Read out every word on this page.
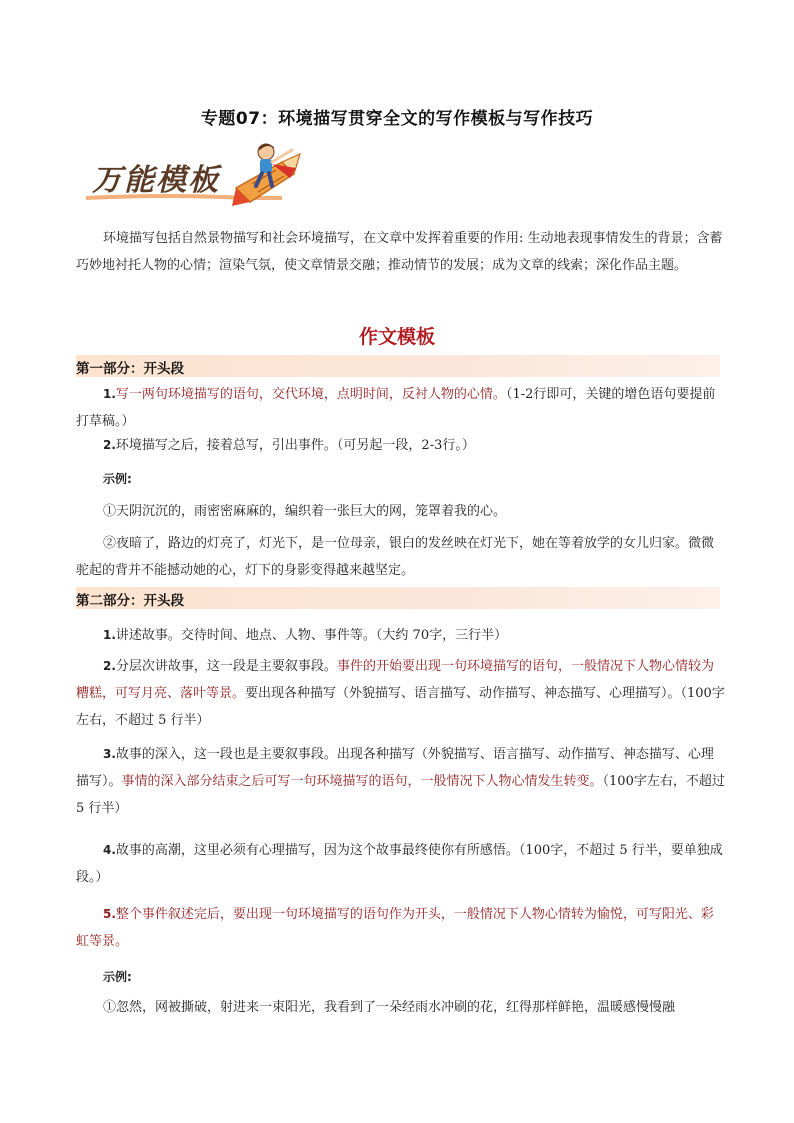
专题07：环境描写贯穿全文的写作模板与写作技巧
万能模板

环境描写包括自然景物描写和社会环境描写，在文章中发挥着重要的作用: 生动地表现事情发生的背景；含蓄巧妙地衬托人物的心情；渲染气氛，使文章情景交融；推动情节的发展；成为文章的线索；深化作品主题。

作文模板
第一部分：开头段

1.写一两句环境描写的语句，交代环境，点明时间，反衬人物的心情。（1-2行即可，关键的增色语句要提前打草稿。）

2.环境描写之后，接着总写，引出事件。（可另起一段，2-3行。）

示例:

①天阴沉沉的，雨密密麻麻的，编织着一张巨大的网，笼罩着我的心。

②夜暗了，路边的灯亮了，灯光下，是一位母亲，银白的发丝映在灯光下，她在等着放学的女儿归家。微微驼起的背并不能撼动她的心，灯下的身影变得越来越坚定。

第二部分：开头段

1.讲述故事。交待时间、地点、人物、事件等。（大约 70字，三行半）

2.分层次讲故事，这一段是主要叙事段。事件的开始要出现一句环境描写的语句，一般情况下人物心情较为糟糕，可写月亮、落叶等景。要出现各种描写（外貌描写、语言描写、动作描写、神态描写、心理描写）。（100字左右，不超过 5 行半）

3.故事的深入，这一段也是主要叙事段。出现各种描写（外貌描写、语言描写、动作描写、神态描写、心理描写）。事情的深入部分结束之后可写一句环境描写的语句，一般情况下人物心情发生转变。（100字左右，不超过 5 行半）

4.故事的高潮，这里必须有心理描写，因为这个故事最终使你有所感悟。（100字，不超过 5 行半，要单独成段。）

5.整个事件叙述完后，要出现一句环境描写的语句作为开头，一般情况下人物心情转为愉悦，可写阳光、彩虹等景。

示例:

①忽然，网被撕破，射进来一束阳光，我看到了一朵经雨水冲刷的花，红得那样鲜艳，温暖感慢慢融
